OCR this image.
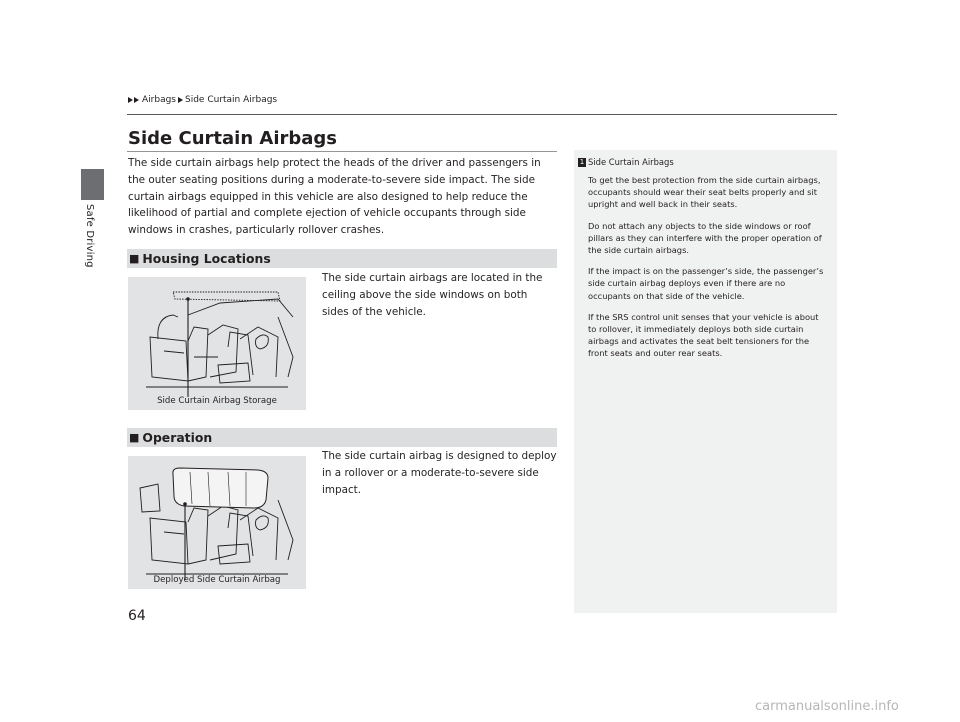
Safe Driving
Airbags Side Curtain Airbags
Side Curtain Airbags

The side curtain airbags help protect the heads of the driver and passengers in the outer seating positions during a moderate-to-severe side impact. The side curtain airbags equipped in this vehicle are also designed to help reduce the likelihood of partial and complete ejection of vehicle occupants through side windows in crashes, particularly rollover crashes.

■ Housing Locations
Side Curtain Airbag Storage

The side curtain airbags are located in the ceiling above the side windows on both sides of the vehicle.

■ Operation
Deployed Side Curtain Airbag

The side curtain airbag is designed to deploy in a rollover or a moderate-to-severe side impact.

1 Side Curtain Airbags

To get the best protection from the side curtain airbags, occupants should wear their seat belts properly and sit upright and well back in their seats.

Do not attach any objects to the side windows or roof pillars as they can interfere with the proper operation of the side curtain airbags.

If the impact is on the passenger’s side, the passenger’s side curtain airbag deploys even if there are no occupants on that side of the vehicle.

If the SRS control unit senses that your vehicle is about to rollover, it immediately deploys both side curtain airbags and activates the seat belt tensioners for the front seats and outer rear seats.

64
carmanualsonline.info
